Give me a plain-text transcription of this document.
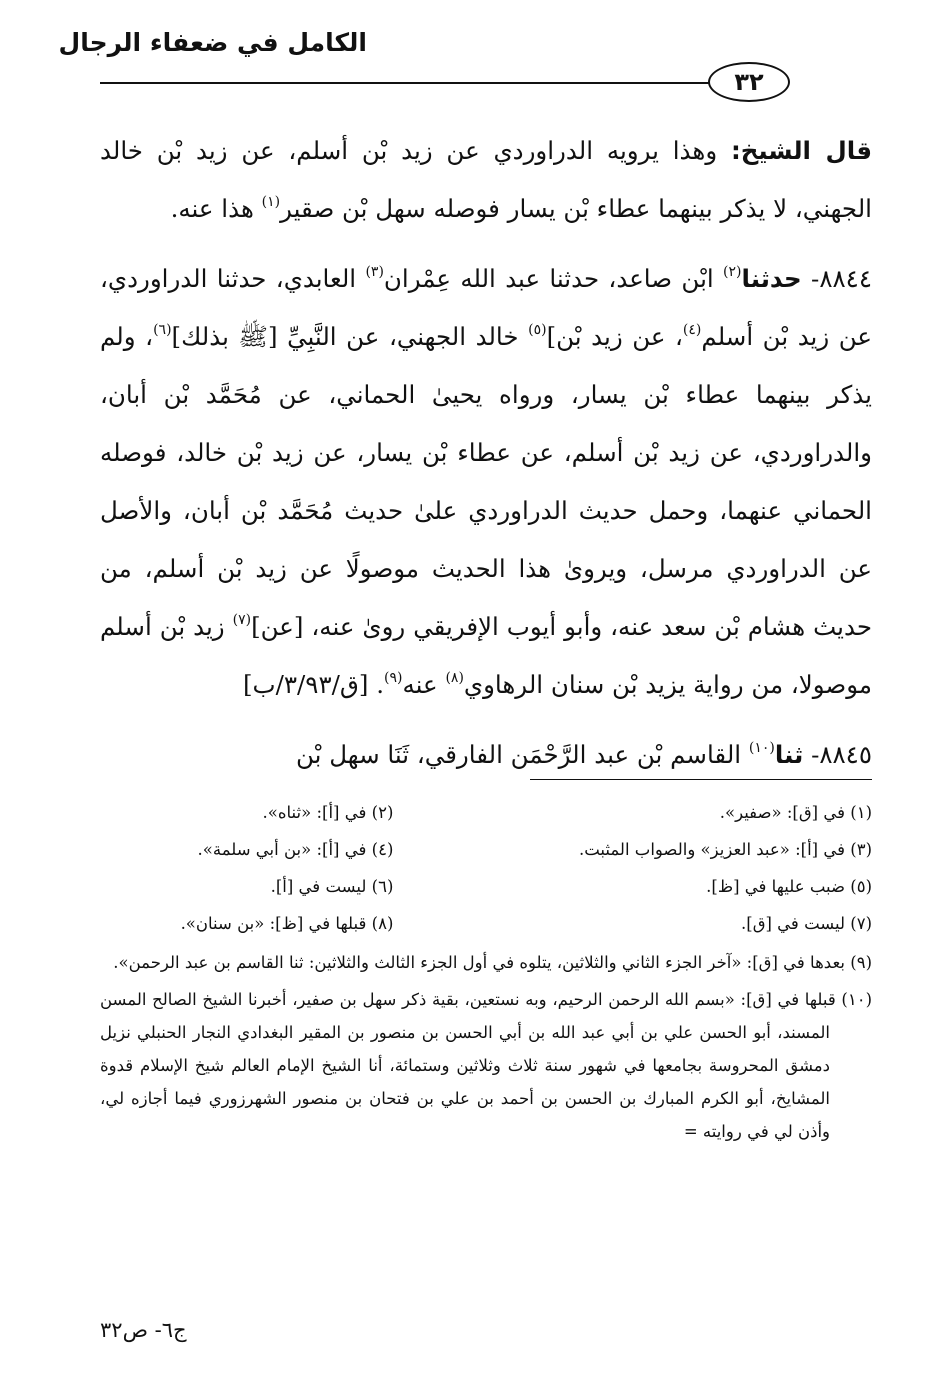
الكامل في ضعفاء الرجال
٣٢

قال الشيخ: وهذا يرويه الدراوردي عن زيد بْن أسلم، عن زيد بْن خالد الجهني، لا يذكر بينهما عطاء بْن يسار فوصله سهل بْن صقير$^{(١)}$ هذا عنه.

٨٨٤٤- حدثنا$^{(٢)}$ ابْن صاعد، حدثنا عبد الله عِمْران$^{(٣)}$ العابدي، حدثنا الدراوردي، عن زيد بْن أسلم$^{(٤)}$، عن زيد بْن]$^{(٥)}$ خالد الجهني، عن النَّبِيِّ [ﷺ بذلك]$^{(٦)}$، ولم يذكر بينهما عطاء بْن يسار، ورواه يحيىٰ الحماني، عن مُحَمَّد بْن أبان، والدراوردي، عن زيد بْن أسلم، عن عطاء بْن يسار، عن زيد بْن خالد، فوصله الحماني عنهما، وحمل حديث الدراوردي علىٰ حديث مُحَمَّد بْن أبان، والأصل عن الدراوردي مرسل، ويروىٰ هذا الحديث موصولًا عن زيد بْن أسلم، من حديث هشام بْن سعد عنه، وأبو أيوب الإفريقي روىٰ عنه، [عن]$^{(٧)}$ زيد بْن أسلم موصولا، من رواية يزيد بْن سنان الرهاوي$^{(٨)}$ عنه$^{(٩)}$. [ق/٣/٩٣/ب]

٨٨٤٥- ثنا$^{(١٠)}$ القاسم بْن عبد الرَّحْمَن الفارقي، ثَنَا سهل بْن

(١) في [ق]: «صفير».
(٢) في [أ]: «ثناه».
(٣) في [أ]: «عبد العزيز» والصواب المثبت.
(٤) في [أ]: «بن أبي سلمة».
(٥) ضبب عليها في [ظ].
(٦) ليست في [أ].
(٧) ليست في [ق].
(٨) قبلها في [ظ]: «بن سنان».
(٩) بعدها في [ق]: «آخر الجزء الثاني والثلاثين، يتلوه في أول الجزء الثالث والثلاثين: ثنا القاسم بن عبد الرحمن».
(١٠) قبلها في [ق]: «بسم الله الرحمن الرحيم، وبه نستعين، بقية ذكر سهل بن صفير، أخبرنا الشيخ الصالح المسن المسند، أبو الحسن علي بن أبي عبد الله بن أبي الحسن بن منصور بن المقير البغدادي النجار الحنبلي نزيل دمشق المحروسة بجامعها في شهور سنة ثلاث وثلاثين وستمائة، أنا الشيخ الإمام العالم شيخ الإسلام قدوة المشايخ، أبو الكرم المبارك بن الحسن بن أحمد بن علي بن فتحان بن منصور الشهرزوري فيما أجازه لي، وأذن لي في روايته =
ج٦- ص٣٢
